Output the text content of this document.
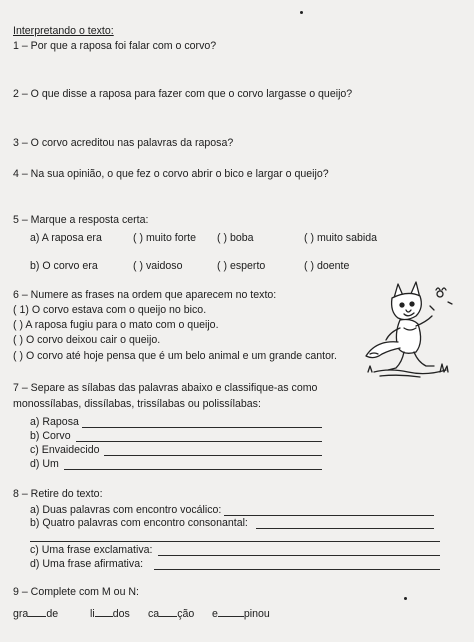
Interpretando o texto:
1 – Por que a raposa foi falar com o corvo?
2 – O que disse a raposa para fazer com que o corvo largasse o queijo?
3 – O corvo acreditou nas palavras da raposa?
4 – Na sua opinião, o que fez o corvo abrir o bico e largar o queijo?
5 – Marque a resposta certa:
a) A raposa era	( ) muito forte ( ) boba	( ) muito sabida
b) O corvo era	( ) vaidoso	( ) esperto	( ) doente
6 – Numere as frases na ordem que aparecem no texto:
( 1) O corvo estava com o queijo no bico.
( ) A raposa fugiu para o mato com o queijo.
( ) O corvo deixou cair o queijo.
( ) O corvo até hoje pensa que é um belo animal e um grande cantor.
7 – Separe as sílabas das palavras abaixo e classifique-as como
monossílabas, dissílabas, trissílabas ou polissílabas:
a) Raposa
b) Corvo
c) Envaidecido
d) Um
8 – Retire do texto:
a) Duas palavras com encontro vocálico:
b) Quatro palavras com encontro consonantal:
c) Uma frase exclamativa:
d) Uma frase afirmativa:
9 – Complete com M ou N:
gra de	li dos ca ção e pinou
